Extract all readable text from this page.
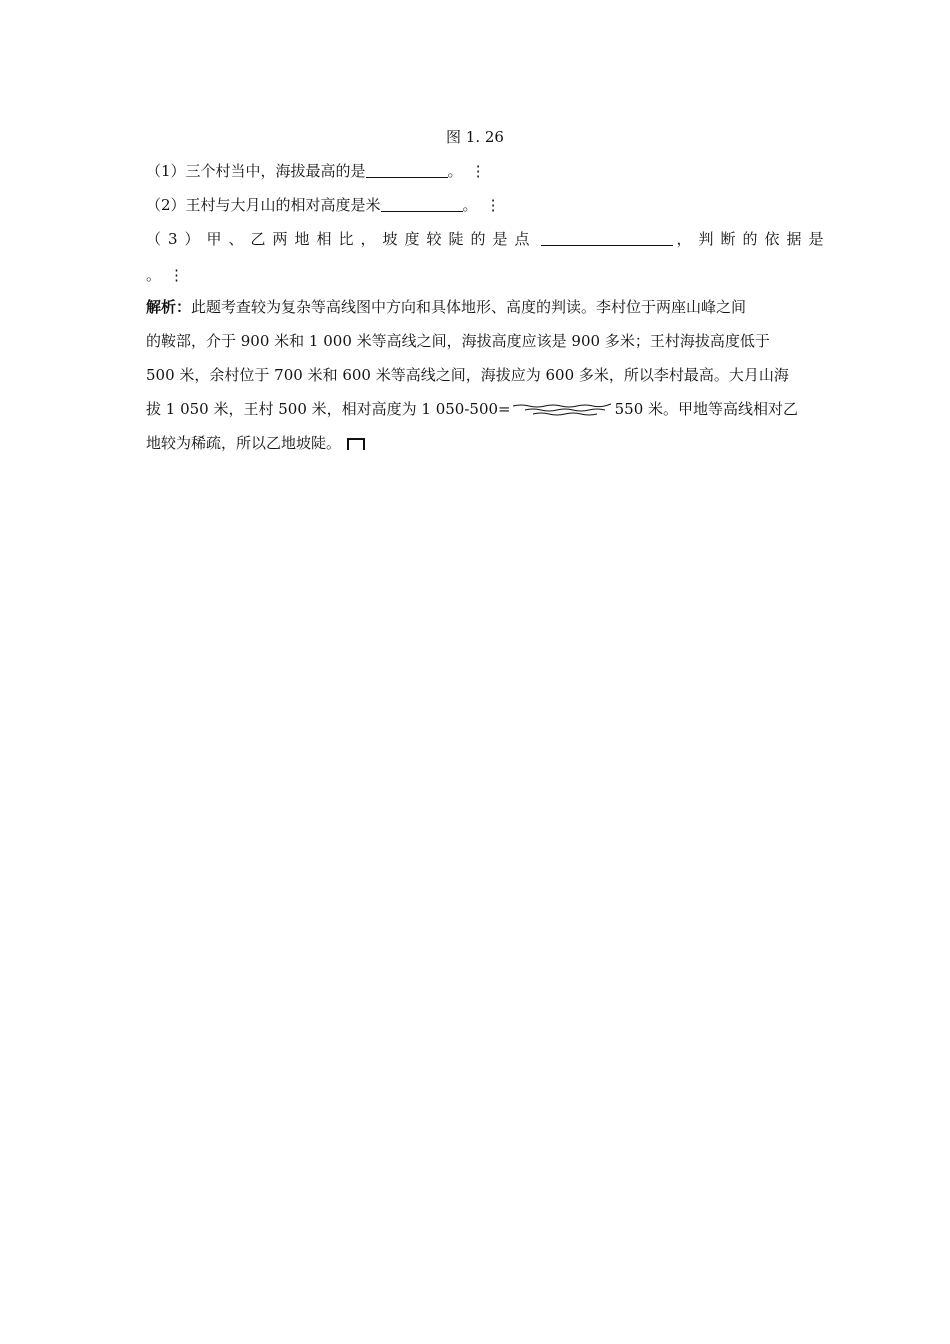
图 1. 26
（1）三个村当中，海拔最高的是	。 ⋮
（2）王村与大月山的相对高度是米	。 ⋮
（3）甲、乙两地相比，坡度较陡的是点	，判断的依据是
。 ⋮
解析：此题考查较为复杂等高线图中方向和具体地形、高度的判读。李村位于两座山峰之间
的鞍部，介于 900 米和 1 000 米等高线之间，海拔高度应该是 900 多米；王村海拔高度低于
500 米，余村位于 700 米和 600 米等高线之间，海拔应为 600 多米，所以李村最高。大月山海
拔 1 050 米，王村 500 米，相对高度为 1 050-500=	550 米。甲地等高线相对乙
地较为稀疏，所以乙地坡陡。
